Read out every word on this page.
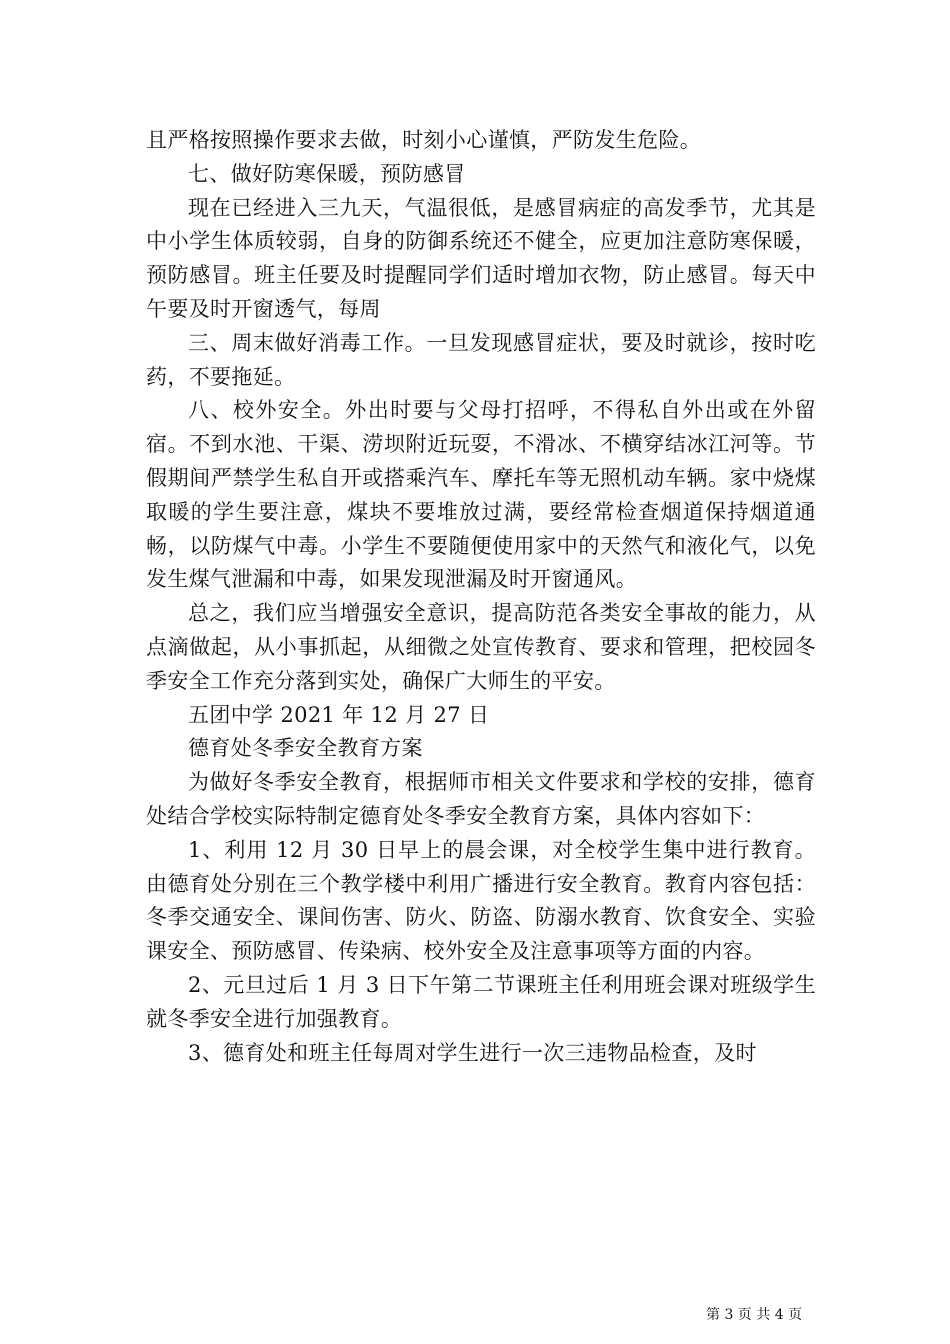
且严格按照操作要求去做，时刻小心谨慎，严防发生危险。

七、做好防寒保暖，预防感冒

现在已经进入三九天，气温很低，是感冒病症的高发季节，尤其是中小学生体质较弱，自身的防御系统还不健全，应更加注意防寒保暖，预防感冒。班主任要及时提醒同学们适时增加衣物，防止感冒。每天中午要及时开窗透气，每周

三、周末做好消毒工作。一旦发现感冒症状，要及时就诊，按时吃药，不要拖延。

八、校外安全。外出时要与父母打招呼，不得私自外出或在外留宿。不到水池、干渠、涝坝附近玩耍，不滑冰、不横穿结冰江河等。节假期间严禁学生私自开或搭乘汽车、摩托车等无照机动车辆。家中烧煤取暖的学生要注意，煤块不要堆放过满，要经常检查烟道保持烟道通畅，以防煤气中毒。小学生不要随便使用家中的天然气和液化气，以免发生煤气泄漏和中毒，如果发现泄漏及时开窗通风。

总之，我们应当增强安全意识，提高防范各类安全事故的能力，从点滴做起，从小事抓起，从细微之处宣传教育、要求和管理，把校园冬季安全工作充分落到实处，确保广大师生的平安。

五团中学 2021 年 12 月 27 日

德育处冬季安全教育方案

为做好冬季安全教育，根据师市相关文件要求和学校的安排，德育处结合学校实际特制定德育处冬季安全教育方案，具体内容如下：

1、利用 12 月 30 日早上的晨会课，对全校学生集中进行教育。由德育处分别在三个教学楼中利用广播进行安全教育。教育内容包括：冬季交通安全、课间伤害、防火、防盗、防溺水教育、饮食安全、实验课安全、预防感冒、传染病、校外安全及注意事项等方面的内容。

2、元旦过后 1 月 3 日下午第二节课班主任利用班会课对班级学生就冬季安全进行加强教育。

3、德育处和班主任每周对学生进行一次三违物品检查，及时

第 3 页 共 4 页
